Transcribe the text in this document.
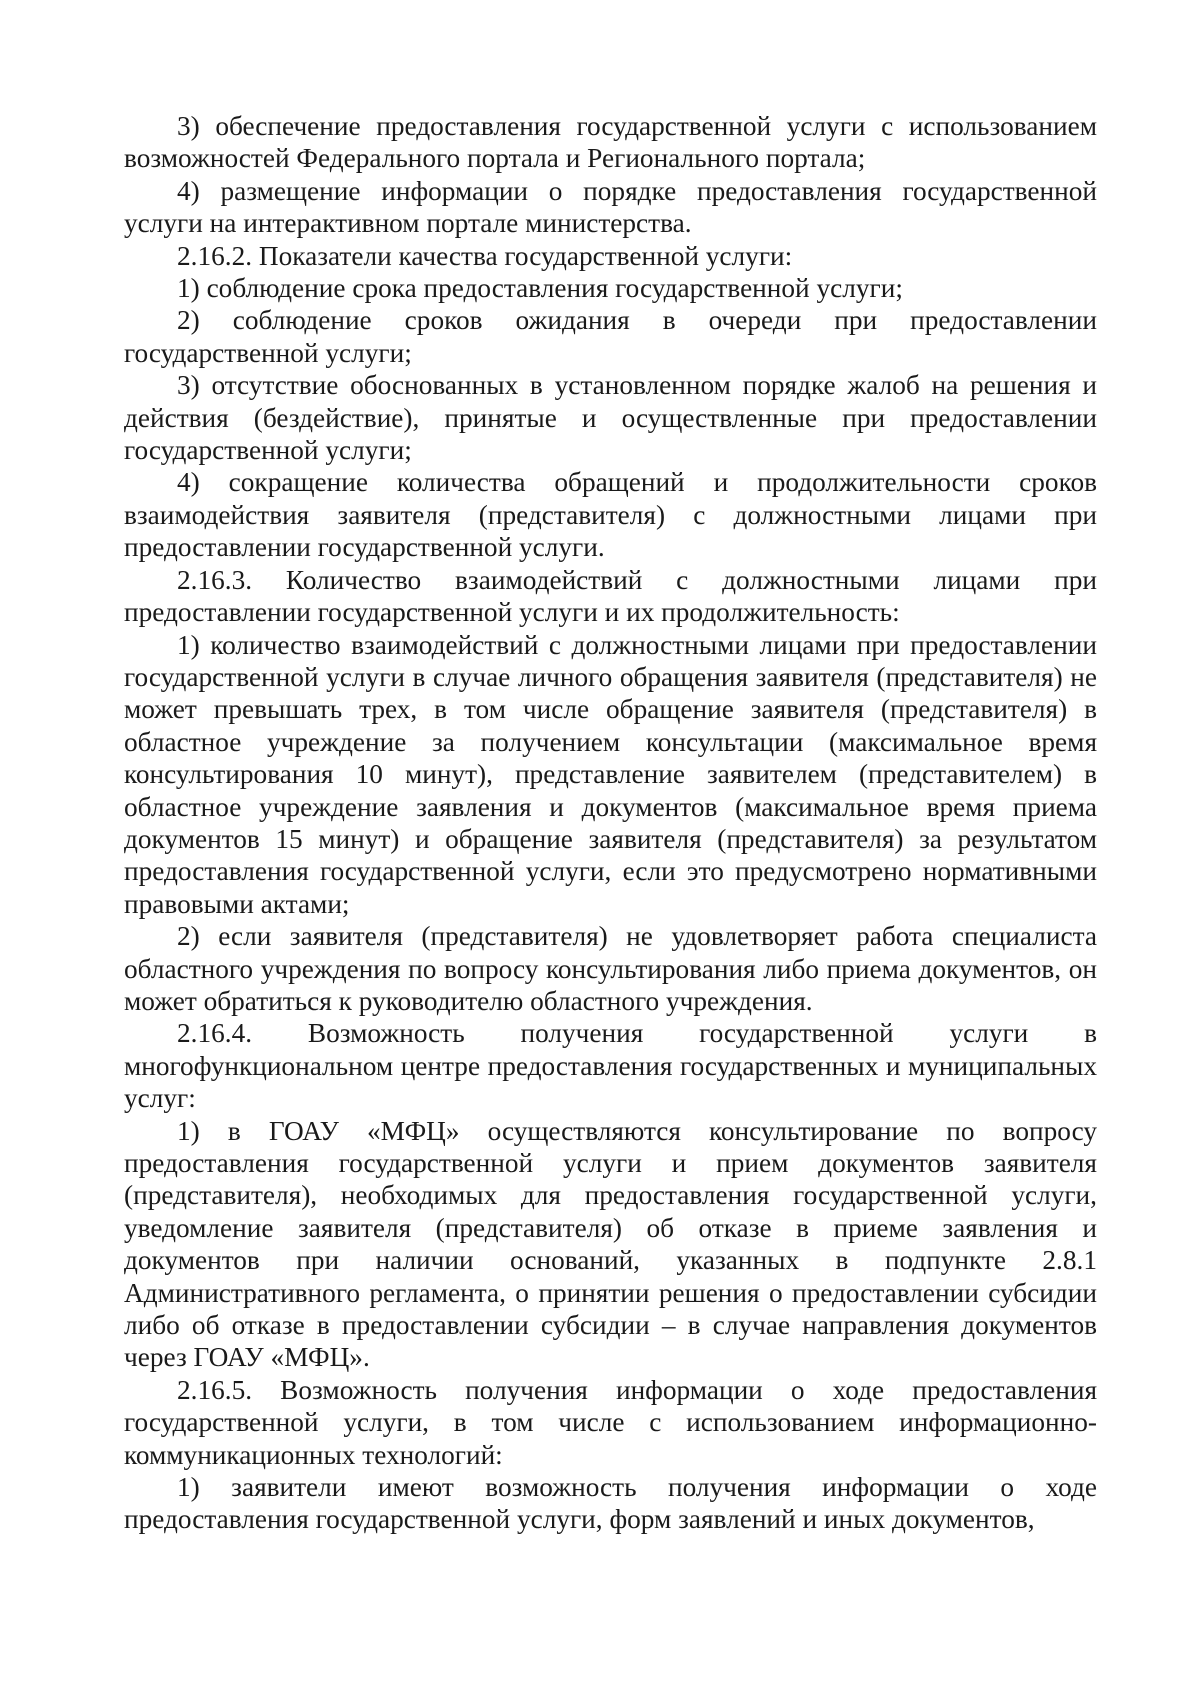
3) обеспечение предоставления государственной услуги с использованием возможностей Федерального портала и Регионального портала;

4) размещение информации о порядке предоставления государственной услуги на интерактивном портале министерства.

2.16.2. Показатели качества государственной услуги:

1) соблюдение срока предоставления государственной услуги;

2) соблюдение сроков ожидания в очереди при предоставлении государственной услуги;

3) отсутствие обоснованных в установленном порядке жалоб на решения и действия (бездействие), принятые и осуществленные при предоставлении государственной услуги;

4) сокращение количества обращений и продолжительности сроков взаимодействия заявителя (представителя) с должностными лицами при предоставлении государственной услуги.

2.16.3. Количество взаимодействий с должностными лицами при предоставлении государственной услуги и их продолжительность:

1) количество взаимодействий с должностными лицами при предоставлении государственной услуги в случае личного обращения заявителя (представителя) не может превышать трех, в том числе обращение заявителя (представителя) в областное учреждение за получением консультации (максимальное время консультирования 10 минут), представление заявителем (представителем) в областное учреждение заявления и документов (максимальное время приема документов 15 минут) и обращение заявителя (представителя) за результатом предоставления государственной услуги, если это предусмотрено нормативными правовыми актами;

2) если заявителя (представителя) не удовлетворяет работа специалиста областного учреждения по вопросу консультирования либо приема документов, он может обратиться к руководителю областного учреждения.

2.16.4. Возможность получения государственной услуги в многофункциональном центре предоставления государственных и муниципальных услуг:

1) в ГОАУ «МФЦ» осуществляются консультирование по вопросу предоставления государственной услуги и прием документов заявителя (представителя), необходимых для предоставления государственной услуги, уведомление заявителя (представителя) об отказе в приеме заявления и документов при наличии оснований, указанных в подпункте 2.8.1 Административного регламента, о принятии решения о предоставлении субсидии либо об отказе в предоставлении субсидии – в случае направления документов через ГОАУ «МФЦ».

2.16.5. Возможность получения информации о ходе предоставления государственной услуги, в том числе с использованием информационно-коммуникационных технологий:

1) заявители имеют возможность получения информации о ходе предоставления государственной услуги, форм заявлений и иных документов,
